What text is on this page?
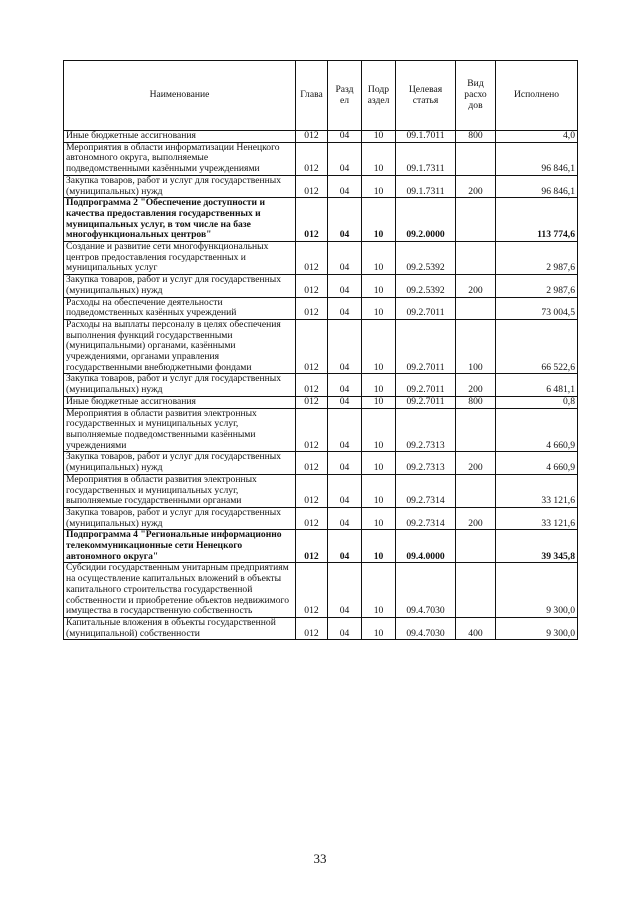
Наименование	Глава	Разд ел	Подр аздел	Целевая статья	Вид расхо дов	Исполнено
Иные бюджетные ассигнования	012	04	10	09.1.7011	800	4,0
Мероприятия в области информатизации Ненецкого автономного округа, выполняемые подведомственными казёнными учреждениями	012	04	10	09.1.7311		96 846,1
Закупка товаров, работ и услуг для государственных (муниципальных) нужд	012	04	10	09.1.7311	200	96 846,1
Подпрограмма 2 "Обеспечение доступности и качества предоставления государственных и муниципальных услуг, в том числе на базе многофункциональных центров"	012	04	10	09.2.0000		113 774,6
Создание и развитие сети многофункциональных центров предоставления государственных и муниципальных услуг	012	04	10	09.2.5392		2 987,6
Закупка товаров, работ и услуг для государственных (муниципальных) нужд	012	04	10	09.2.5392	200	2 987,6
Расходы на обеспечение деятельности подведомственных казённых учреждений	012	04	10	09.2.7011		73 004,5
Расходы на выплаты персоналу в целях обеспечения выполнения функций государственными (муниципальными) органами, казёнными учреждениями, органами управления государственными внебюджетными фондами	012	04	10	09.2.7011	100	66 522,6
Закупка товаров, работ и услуг для государственных (муниципальных) нужд	012	04	10	09.2.7011	200	6 481,1
Иные бюджетные ассигнования	012	04	10	09.2.7011	800	0,8
Мероприятия в области развития электронных государственных и муниципальных услуг, выполняемые подведомственными казёнными учреждениями	012	04	10	09.2.7313		4 660,9
Закупка товаров, работ и услуг для государственных (муниципальных) нужд	012	04	10	09.2.7313	200	4 660,9
Мероприятия в области развития электронных государственных и муниципальных услуг, выполняемые государственными органами	012	04	10	09.2.7314		33 121,6
Закупка товаров, работ и услуг для государственных (муниципальных) нужд	012	04	10	09.2.7314	200	33 121,6
Подпрограмма 4 "Региональные информационно телекоммуникационные сети Ненецкого автономного округа"	012	04	10	09.4.0000		39 345,8
Субсидии государственным унитарным предприятиям на осуществление капитальных вложений в объекты капитального строительства государственной собственности и приобретение объектов недвижимого имущества в государственную собственность	012	04	10	09.4.7030		9 300,0
Капитальные вложения в объекты государственной (муниципальной) собственности	012	04	10	09.4.7030	400	9 300,0
33
